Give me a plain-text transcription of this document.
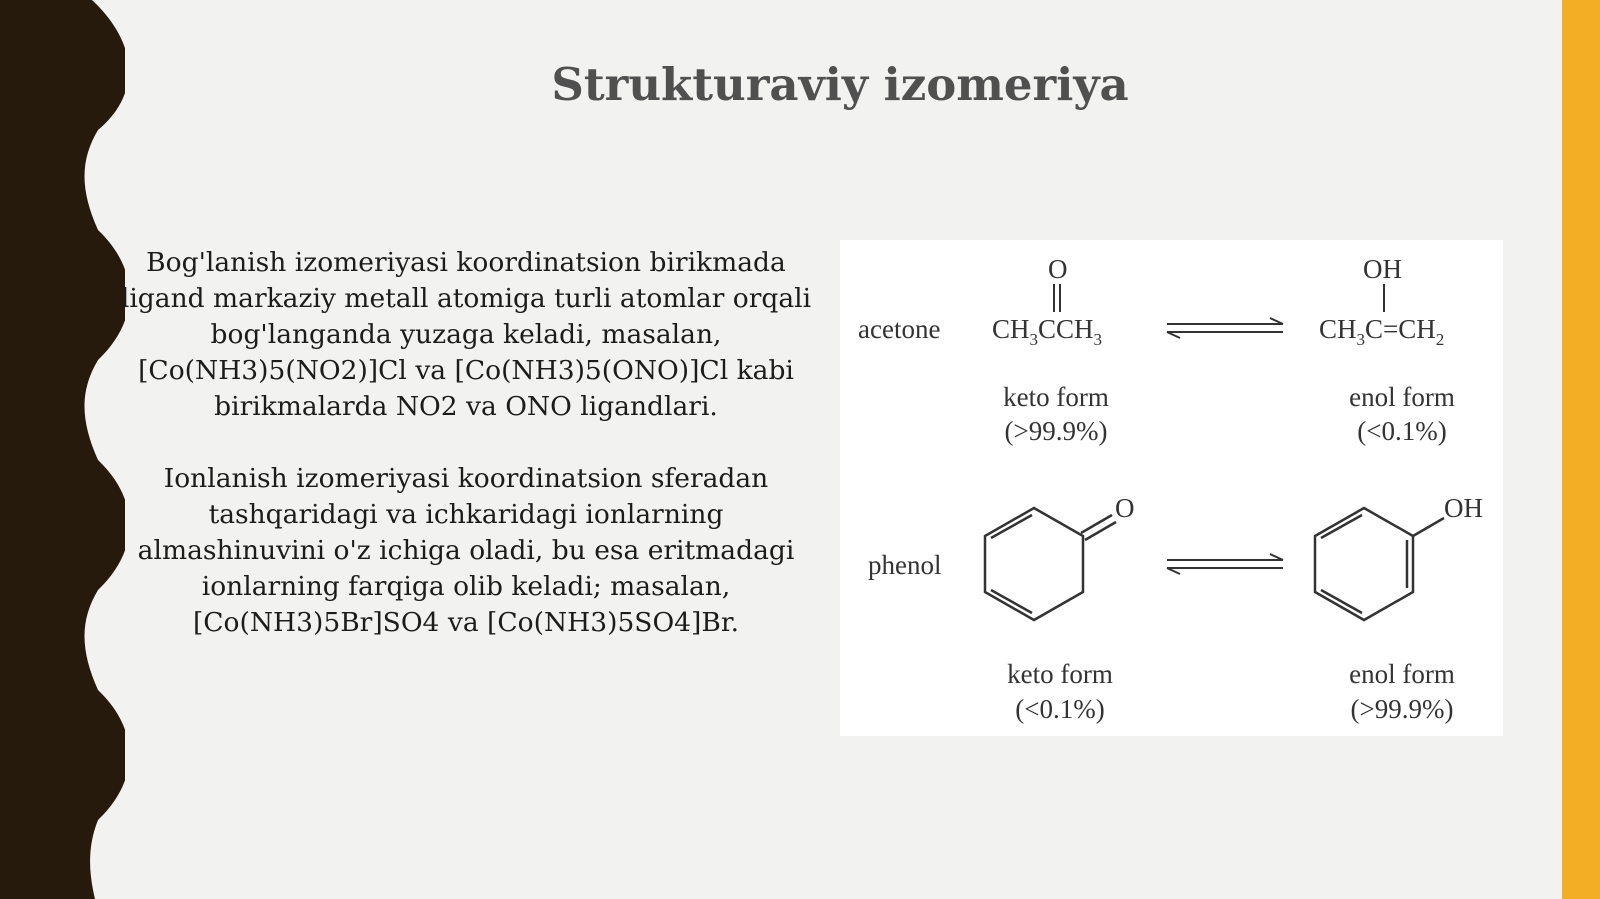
Strukturaviy izomeriya

Bog'lanish izomeriyasi koordinatsion birikmada ligand markaziy metall atomiga turli atomlar orqali bog'langanda yuzaga keladi, masalan, [Co(NH3)5(NO2)]Cl va [Co(NH3)5(ONO)]Cl kabi birikmalarda NO2 va ONO ligandlari.

Ionlanish izomeriyasi koordinatsion sferadan tashqaridagi va ichkaridagi ionlarning almashinuvini o'z ichiga oladi, bu esa eritmadagi ionlarning farqiga olib keladi; masalan, [Co(NH3)5Br]SO4 va [Co(NH3)5SO4]Br.

acetone
O
$CH_3CCH_3$
OH
$CH_3C=CH_2$
keto form
(>99.9%)
enol form
(<0.1%)
phenol
O	OH
keto form
(<0.1%)
enol form
(>99.9%)
